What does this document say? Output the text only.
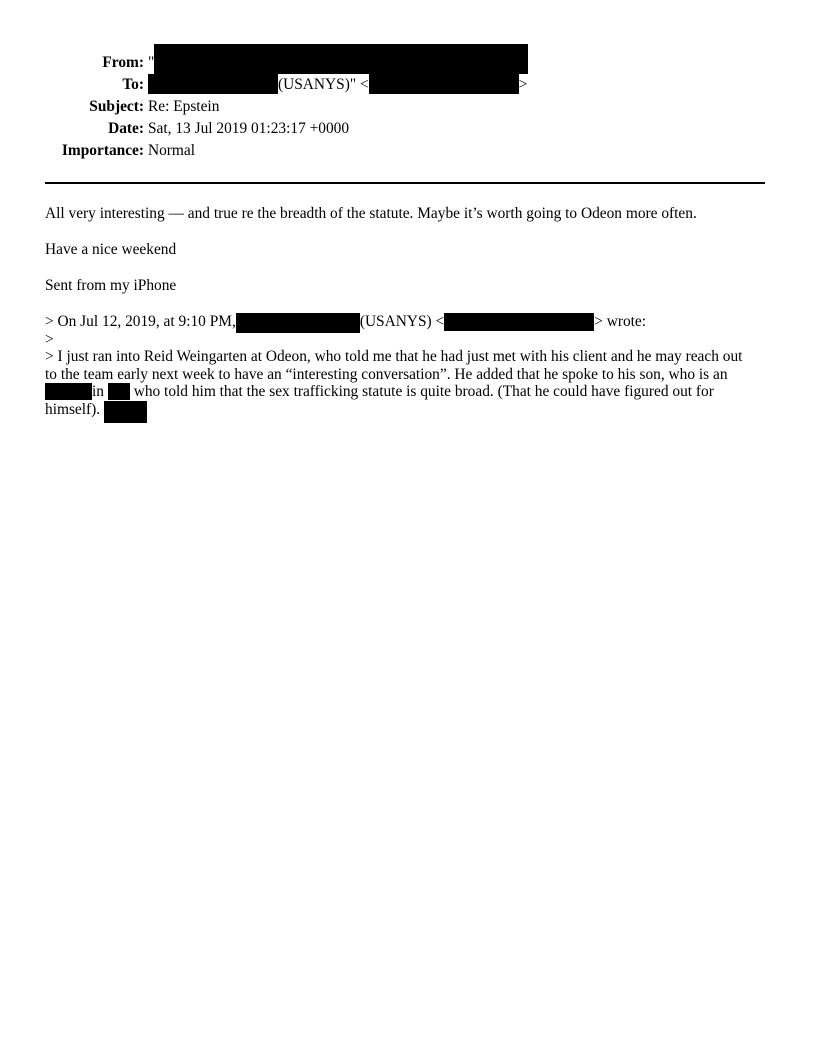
From: "
To:	(USANYS)" <	>
Subject: Re: Epstein
Date: Sat, 13 Jul 2019 01:23:17 +0000
Importance: Normal
All very interesting — and true re the breadth of the statute. Maybe it’s worth going to Odeon more often.
Have a nice weekend
Sent from my iPhone
> On Jul 12, 2019, at 9:10 PM,	(USANYS) <	> wrote:
>
> I just ran into Reid Weingarten at Odeon, who told me that he had just met with his client and he may reach out
to the team early next week to have an “interesting conversation”. He added that he spoke to his son, who is an
in who told him that the sex trafficking statute is quite broad. (That he could have figured out for
himself).
